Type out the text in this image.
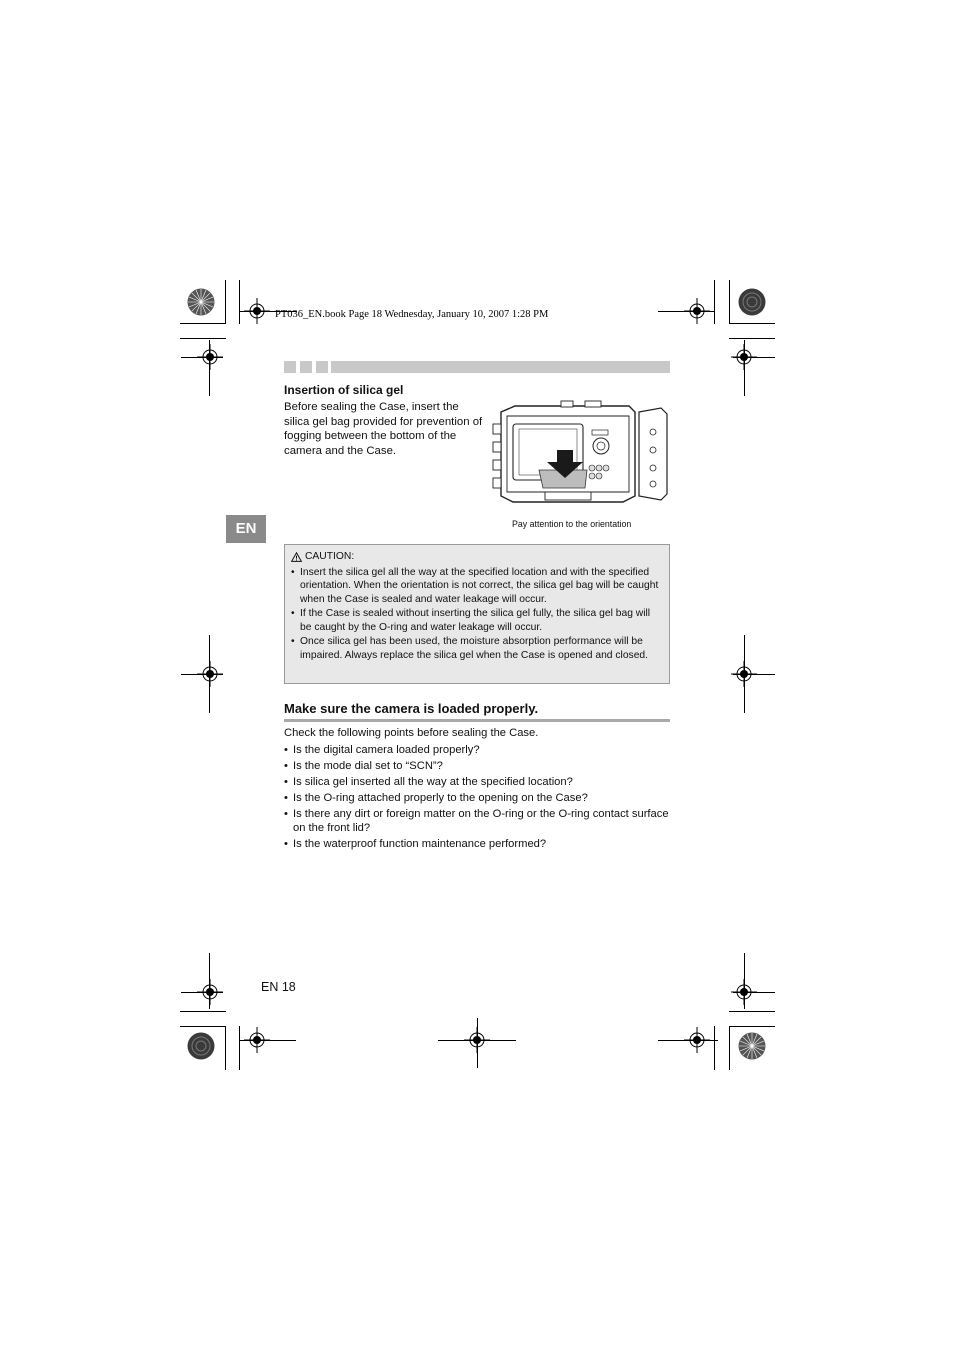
PT036_EN.book Page 18 Wednesday, January 10, 2007 1:28 PM
Insertion of silica gel
Before sealing the Case, insert the silica gel bag provided for prevention of fogging between the bottom of the camera and the Case.
Pay attention to the orientation
EN
CAUTION:
• Insert the silica gel all the way at the specified location and with the specified orientation. When the orientation is not correct, the silica gel bag will be caught when the Case is sealed and water leakage will occur.
• If the Case is sealed without inserting the silica gel fully, the silica gel bag will be caught by the O-ring and water leakage will occur.
• Once silica gel has been used, the moisture absorption performance will be impaired. Always replace the silica gel when the Case is opened and closed.
Make sure the camera is loaded properly.
Check the following points before sealing the Case.
• Is the digital camera loaded properly?
• Is the mode dial set to “SCN”?
• Is silica gel inserted all the way at the specified location?
• Is the O-ring attached properly to the opening on the Case?
• Is there any dirt or foreign matter on the O-ring or the O-ring contact surface on the front lid?
• Is the waterproof function maintenance performed?
EN 18
